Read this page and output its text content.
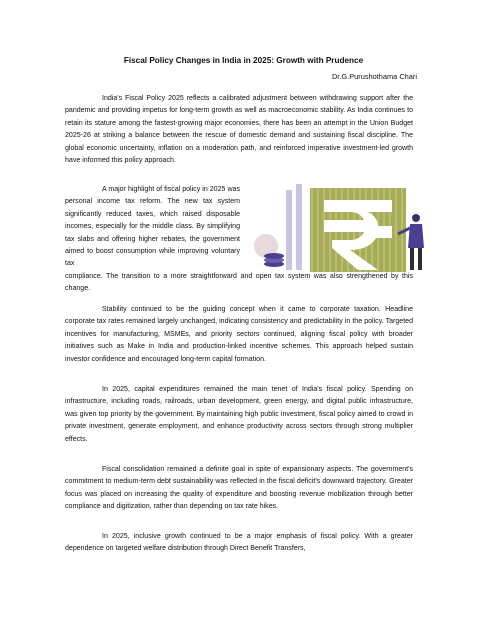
Fiscal Policy Changes in India in 2025: Growth with Prudence

Dr.G.Purushothama Chari

India's Fiscal Policy 2025 reflects a calibrated adjustment between withdrawing support after the pandemic and providing impetus for long-term growth as well as macroeconomic stability. As India continues to retain its stature among the fastest-growing major economies, there has been an attempt in the Union Budget 2025-26 at striking a balance between the rescue of domestic demand and sustaining fiscal discipline. The global economic uncertainty, inflation on a moderation path, and reinforced imperative investment-led growth have informed this policy approach.

A major highlight of fiscal policy in 2025 was personal income tax reform. The new tax system significantly reduced taxes, which raised disposable incomes, especially for the middle class. By simplifying tax slabs and offering higher rebates, the government aimed to boost consumption while improving voluntary tax

compliance. The transition to a more straightforward and open tax system was also strengthened by this change.

Stability continued to be the guiding concept when it came to corporate taxation. Headline corporate tax rates remained largely unchanged, indicating consistency and predictability in the policy. Targeted incentives for manufacturing, MSMEs, and priority sectors continued, aligning fiscal policy with broader initiatives such as Make in India and production-linked incentive schemes. This approach helped sustain investor confidence and encouraged long-term capital formation.

In 2025, capital expenditures remained the main tenet of India's fiscal policy. Spending on infrastructure, including roads, railroads, urban development, green energy, and digital public infrastructure, was given top priority by the government. By maintaining high public investment, fiscal policy aimed to crowd in private investment, generate employment, and enhance productivity across sectors through strong multiplier effects.

Fiscal consolidation remained a definite goal in spite of expansionary aspects. The government's commitment to medium-term debt sustainability was reflected in the fiscal deficit's downward trajectory. Greater focus was placed on increasing the quality of expenditure and boosting revenue mobilization through better compliance and digitization, rather than depending on tax rate hikes.

In 2025, inclusive growth continued to be a major emphasis of fiscal policy. With a greater dependence on targeted welfare distribution through Direct Benefit Transfers,
